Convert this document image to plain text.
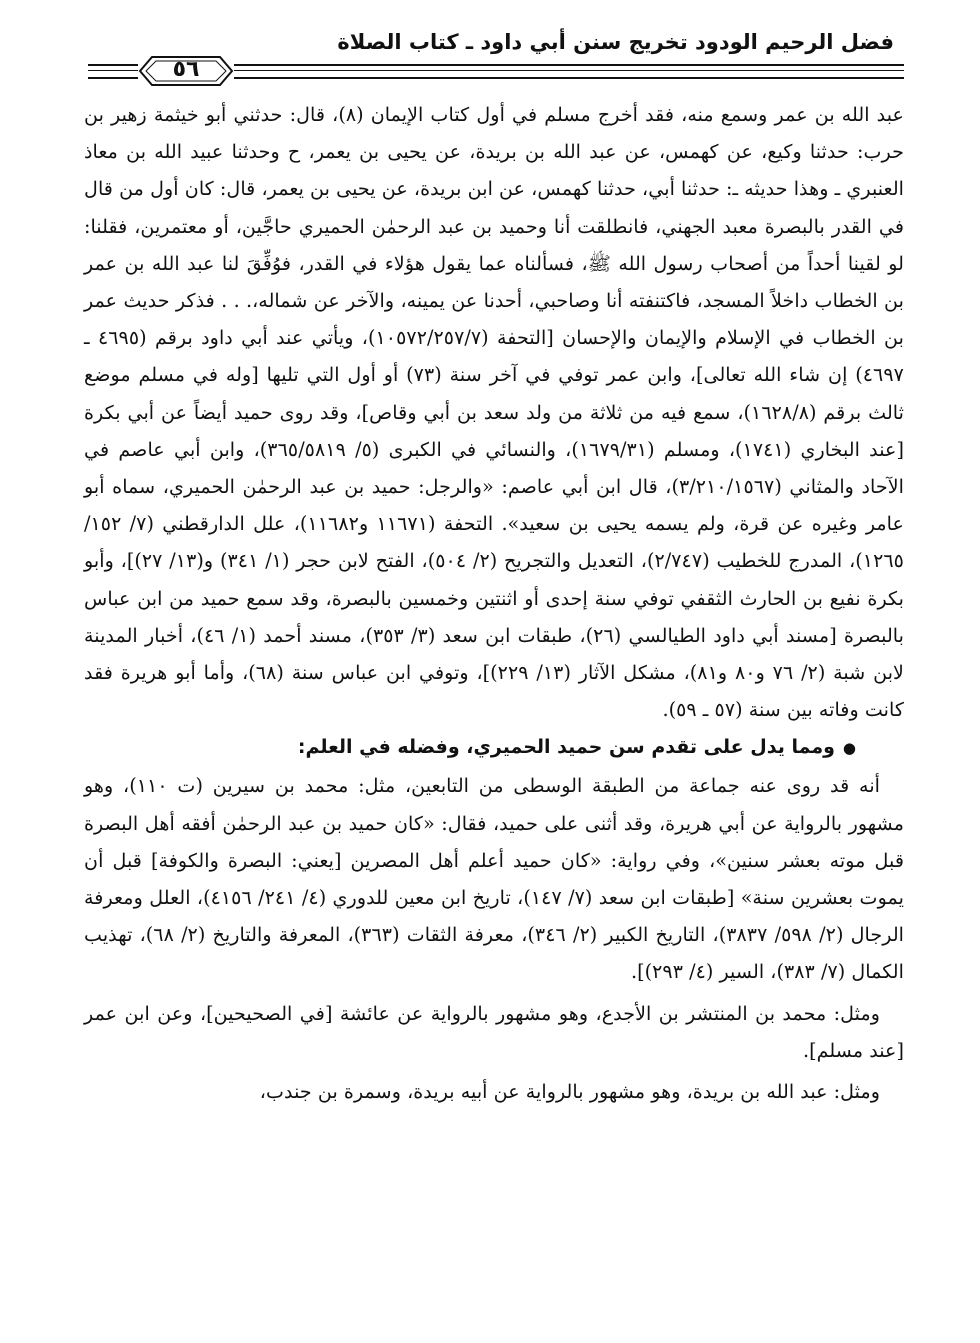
فضل الرحيم الودود تخريج سنن أبي داود ـ كتاب الصلاة
٥٦

عبد الله بن عمر وسمع منه، فقد أخرج مسلم في أول كتاب الإيمان (٨)، قال: حدثني أبو خيثمة زهير بن حرب: حدثنا وكيع، عن كهمس، عن عبد الله بن بريدة، عن يحيى بن يعمر، ح وحدثنا عبيد الله بن معاذ العنبري ـ وهذا حديثه ـ: حدثنا أبي، حدثنا كهمس، عن ابن بريدة، عن يحيى بن يعمر، قال: كان أول من قال في القدر بالبصرة معبد الجهني، فانطلقت أنا وحميد بن عبد الرحمٰن الحميري حاجَّين، أو معتمرين، فقلنا: لو لقينا أحداً من أصحاب رسول الله ﷺ، فسألناه عما يقول هؤلاء في القدر، فوُفِّقَ لنا عبد الله بن عمر بن الخطاب داخلاً المسجد، فاكتنفته أنا وصاحبي، أحدنا عن يمينه، والآخر عن شماله،. . . فذكر حديث عمر بن الخطاب في الإسلام والإيمان والإحسان [التحفة (١٠٥٧٢/٢٥٧/٧)، ويأتي عند أبي داود برقم (٤٦٩٥ ـ ٤٦٩٧) إن شاء الله تعالى]، وابن عمر توفي في آخر سنة (٧٣) أو أول التي تليها [وله في مسلم موضع ثالث برقم (١٦٢٨/٨)، سمع فيه من ثلاثة من ولد سعد بن أبي وقاص]، وقد روى حميد أيضاً عن أبي بكرة [عند البخاري (١٧٤١)، ومسلم (١٦٧٩/٣١)، والنسائي في الكبرى (٥/ ٣٦٥/٥٨١٩)، وابن أبي عاصم في الآحاد والمثاني (٣/٢١٠/١٥٦٧)، قال ابن أبي عاصم: «والرجل: حميد بن عبد الرحمٰن الحميري، سماه أبو عامر وغيره عن قرة، ولم يسمه يحيى بن سعيد». التحفة (١١٦٧١ و١١٦٨٢)، علل الدارقطني (٧/ ١٥٢/ ١٢٦٥)، المدرج للخطيب (٢/٧٤٧)، التعديل والتجريح (٢/ ٥٠٤)، الفتح لابن حجر (١/ ٣٤١) و(١٣/ ٢٧)]، وأبو بكرة نفيع بن الحارث الثقفي توفي سنة إحدى أو اثنتين وخمسين بالبصرة، وقد سمع حميد من ابن عباس بالبصرة [مسند أبي داود الطيالسي (٢٦)، طبقات ابن سعد (٣/ ٣٥٣)، مسند أحمد (١/ ٤٦)، أخبار المدينة لابن شبة (٢/ ٧٦ و٨٠ و٨١)، مشكل الآثار (١٣/ ٢٢٩)]، وتوفي ابن عباس سنة (٦٨)، وأما أبو هريرة فقد كانت وفاته بين سنة (٥٧ ـ ٥٩).

●ومما يدل على تقدم سن حميد الحميري، وفضله في العلم:

أنه قد روى عنه جماعة من الطبقة الوسطى من التابعين، مثل: محمد بن سيرين (ت ١١٠)، وهو مشهور بالرواية عن أبي هريرة، وقد أثنى على حميد، فقال: «كان حميد بن عبد الرحمٰن أفقه أهل البصرة قبل موته بعشر سنين»، وفي رواية: «كان حميد أعلم أهل المصرين [يعني: البصرة والكوفة] قبل أن يموت بعشرين سنة» [طبقات ابن سعد (٧/ ١٤٧)، تاريخ ابن معين للدوري (٤/ ٢٤١/ ٤١٥٦)، العلل ومعرفة الرجال (٢/ ٥٩٨/ ٣٨٣٧)، التاريخ الكبير (٢/ ٣٤٦)، معرفة الثقات (٣٦٣)، المعرفة والتاريخ (٢/ ٦٨)، تهذيب الكمال (٧/ ٣٨٣)، السير (٤/ ٢٩٣)].

ومثل: محمد بن المنتشر بن الأجدع، وهو مشهور بالرواية عن عائشة [في الصحيحين]، وعن ابن عمر [عند مسلم].

ومثل: عبد الله بن بريدة، وهو مشهور بالرواية عن أبيه بريدة، وسمرة بن جندب،
